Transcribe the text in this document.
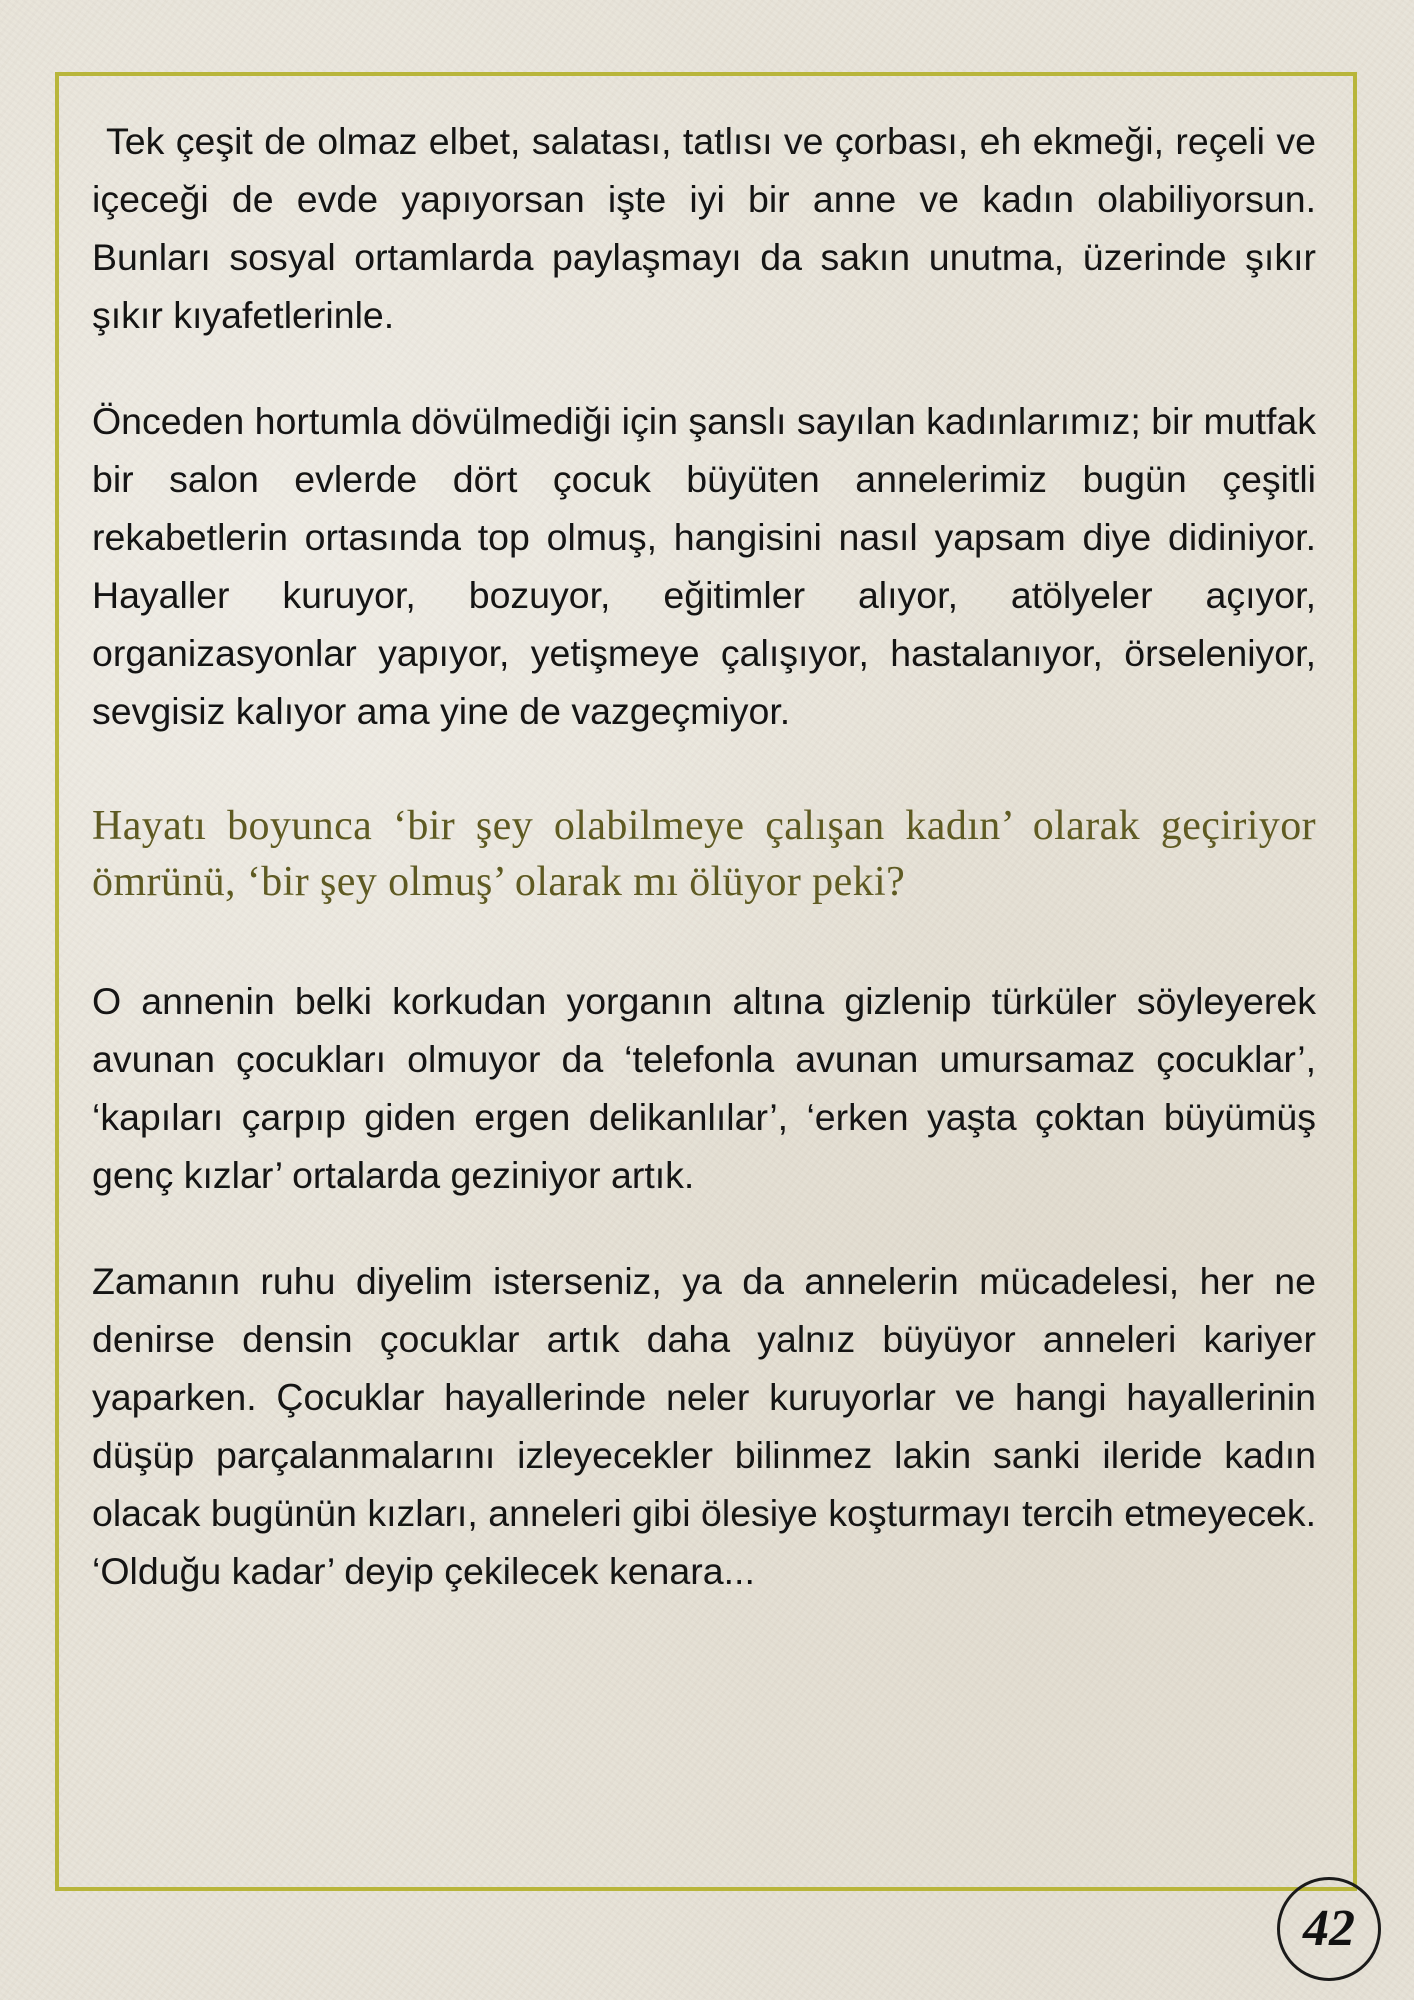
Tek çeşit de olmaz elbet, salatası, tatlısı ve çorbası, eh ekmeği, reçeli ve içeceği de evde yapıyorsan işte iyi bir anne ve kadın olabiliyorsun. Bunları sosyal ortamlarda paylaşmayı da sakın unutma, üzerinde şıkır şıkır kıyafetlerinle.

Önceden hortumla dövülmediği için şanslı sayılan kadınlarımız; bir mutfak bir salon evlerde dört çocuk büyüten annelerimiz bugün çeşitli rekabetlerin ortasında top olmuş, hangisini nasıl yapsam diye didiniyor. Hayaller kuruyor, bozuyor, eğitimler alıyor, atölyeler açıyor, organizasyonlar yapıyor, yetişmeye çalışıyor, hastalanıyor, örseleniyor, sevgisiz kalıyor ama yine de vazgeçmiyor.

Hayatı boyunca ‘bir şey olabilmeye çalışan kadın’ olarak geçiriyor ömrünü, ‘bir şey olmuş’ olarak mı ölüyor peki?

O annenin belki korkudan yorganın altına gizlenip türküler söyleyerek avunan çocukları olmuyor da ‘telefonla avunan umursamaz çocuklar’, ‘kapıları çarpıp giden ergen delikanlılar’, ‘erken yaşta çoktan büyümüş genç kızlar’ ortalarda geziniyor artık.

Zamanın ruhu diyelim isterseniz, ya da annelerin mücadelesi, her ne denirse densin çocuklar artık daha yalnız büyüyor anneleri kariyer yaparken. Çocuklar hayallerinde neler kuruyorlar ve hangi hayallerinin düşüp parçalanmalarını izleyecekler bilinmez lakin sanki ileride kadın olacak bugünün kızları, anneleri gibi ölesiye koşturmayı tercih etmeyecek. ‘Olduğu kadar’ deyip çekilecek kenara...

42
